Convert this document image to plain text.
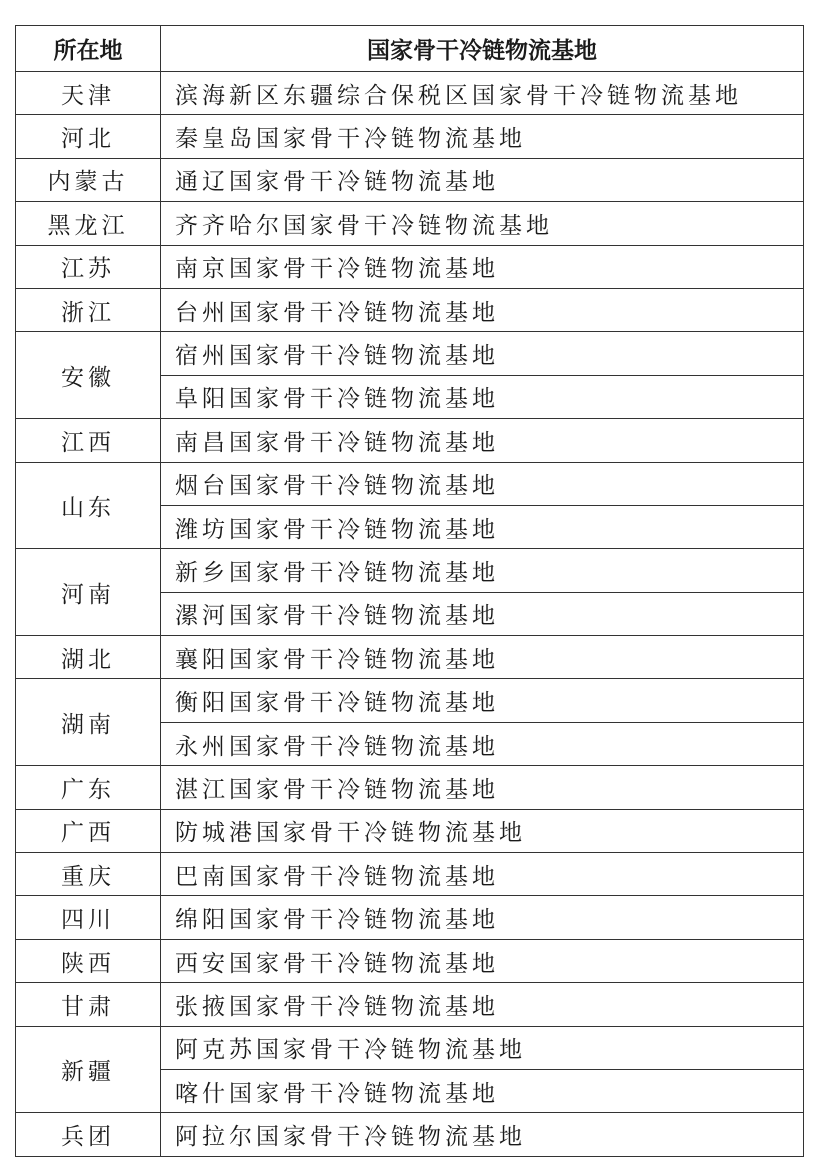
所在地	国家骨干冷链物流基地
天津	滨海新区东疆综合保税区国家骨干冷链物流基地
河北	秦皇岛国家骨干冷链物流基地
内蒙古	通辽国家骨干冷链物流基地
黑龙江	齐齐哈尔国家骨干冷链物流基地
江苏	南京国家骨干冷链物流基地
浙江	台州国家骨干冷链物流基地
安徽	宿州国家骨干冷链物流基地
	阜阳国家骨干冷链物流基地
江西	南昌国家骨干冷链物流基地
山东	烟台国家骨干冷链物流基地
	潍坊国家骨干冷链物流基地
河南	新乡国家骨干冷链物流基地
	漯河国家骨干冷链物流基地
湖北	襄阳国家骨干冷链物流基地
湖南	衡阳国家骨干冷链物流基地
	永州国家骨干冷链物流基地
广东	湛江国家骨干冷链物流基地
广西	防城港国家骨干冷链物流基地
重庆	巴南国家骨干冷链物流基地
四川	绵阳国家骨干冷链物流基地
陕西	西安国家骨干冷链物流基地
甘肃	张掖国家骨干冷链物流基地
新疆	阿克苏国家骨干冷链物流基地
	喀什国家骨干冷链物流基地
兵团	阿拉尔国家骨干冷链物流基地
